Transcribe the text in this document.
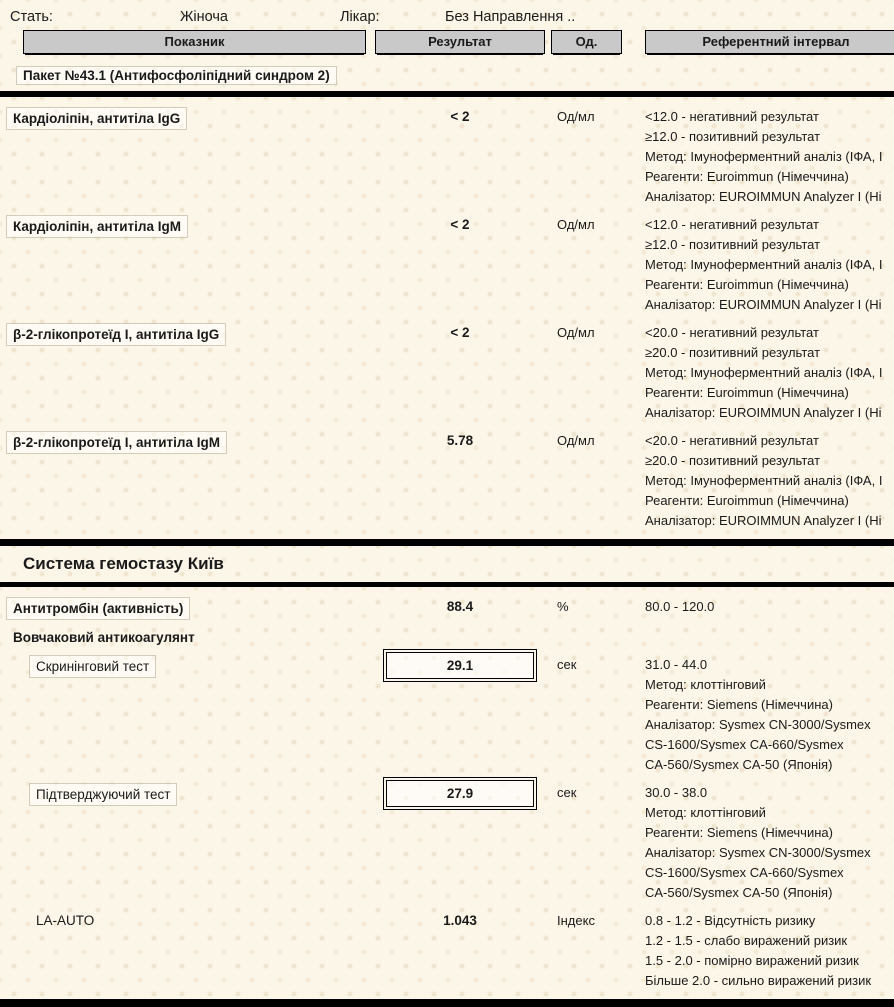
Стать:	Жіноча	Лікар:	Без Направлення ..
Показник	Результат	Од.	Референтний інтервал
Пакет №43.1 (Антифосфоліпідний синдром 2)
Кардіоліпін, антитіла IgG	< 2	Од/мл	<12.0 - негативний результат
≥12.0 - позитивний результат
Метод: Імуноферментний аналіз (ІФА, І
Реагенти: Euroimmun (Німеччина)
Аналізатор: EUROIMMUN Analyzer I (Ні
Кардіоліпін, антитіла IgM	< 2	Од/мл	<12.0 - негативний результат
≥12.0 - позитивний результат
Метод: Імуноферментний аналіз (ІФА, І
Реагенти: Euroimmun (Німеччина)
Аналізатор: EUROIMMUN Analyzer I (Ні
β-2-глікопротеїд I, антитіла IgG	< 2	Од/мл	<20.0 - негативний результат
≥20.0 - позитивний результат
Метод: Імуноферментний аналіз (ІФА, І
Реагенти: Euroimmun (Німеччина)
Аналізатор: EUROIMMUN Analyzer I (Ні
β-2-глікопротеїд I, антитіла IgM	5.78	Од/мл	<20.0 - негативний результат
≥20.0 - позитивний результат
Метод: Імуноферментний аналіз (ІФА, І
Реагенти: Euroimmun (Німеччина)
Аналізатор: EUROIMMUN Analyzer I (Ні
Система гемостазу Київ
Антитромбін (активність)	88.4	%	80.0 - 120.0
Вовчаковий антикоагулянт
Скринінговий тест	29.1	сек	31.0 - 44.0
Метод: клоттінговий
Реагенти: Siemens (Німеччина)
Аналізатор: Sysmex CN-3000/Sysmex
CS-1600/Sysmex CA-660/Sysmex
CA-560/Sysmex CA-50 (Японія)
Підтверджуючий тест	27.9	сек	30.0 - 38.0
Метод: клоттінговий
Реагенти: Siemens (Німеччина)
Аналізатор: Sysmex CN-3000/Sysmex
CS-1600/Sysmex CA-660/Sysmex
CA-560/Sysmex CA-50 (Японія)
LA-AUTO	1.043	Індекс	0.8 - 1.2 - Відсутність ризику
1.2 - 1.5 - слабо виражений ризик
1.5 - 2.0 - помірно виражений ризик
Більше 2.0 - сильно виражений ризик
